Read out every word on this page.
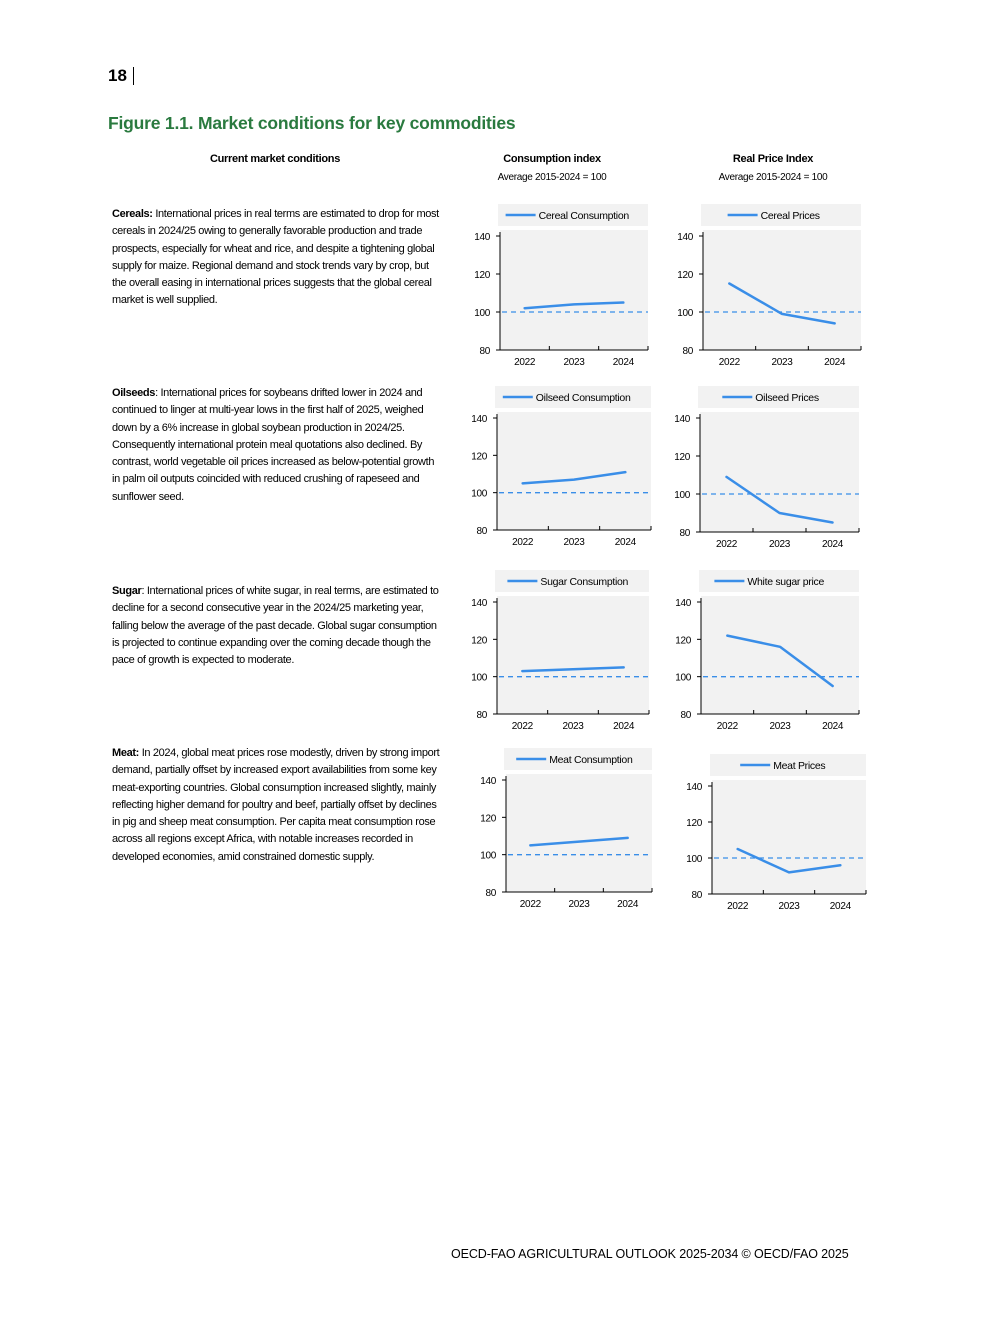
18
Figure 1.1. Market conditions for key commodities
Current market conditions	Consumption index
Average 2015-2024 = 100
Real Price Index
Average 2015-2024 = 100
Cereals: International prices in real terms are estimated to drop for most cereals in 2024/25 owing to generally favorable production and trade prospects, especially for wheat and rice, and despite a tightening global supply for maize. Regional demand and stock trends vary by crop, but the overall easing in international prices suggests that the global cereal market is well supplied.
Oilseeds: International prices for soybeans drifted lower in 2024 and continued to linger at multi-year lows in the first half of 2025, weighed down by a 6% increase in global soybean production in 2024/25. Consequently international protein meal quotations also declined. By contrast, world vegetable oil prices increased as below-potential growth in palm oil outputs coincided with reduced crushing of rapeseed and sunflower seed.
Sugar: International prices of white sugar, in real terms, are estimated to decline for a second consecutive year in the 2024/25 marketing year, falling below the average of the past decade. Global sugar consumption is projected to continue expanding over the coming decade though the pace of growth is expected to moderate.
Meat: In 2024, global meat prices rose modestly, driven by strong import demand, partially offset by increased export availabilities from some key meat-exporting countries. Global consumption increased slightly, mainly reflecting higher demand for poultry and beef, partially offset by declines in pig and sheep meat consumption. Per capita meat consumption rose across all regions except Africa, with notable increases recorded in developed economies, amid constrained domestic supply.
Cereal Consumption
80
100
120
140
2022	2023	2024
Cereal Prices
80
100
120
140
2022	2023	2024
Oilseed Consumption
80
100
120
140
2022	2023	2024
Oilseed Prices
80
100
120
140
2022	2023	2024
Sugar Consumption
80
100
120
140
2022	2023	2024
White sugar price
80
100
120
140
2022	2023	2024
Meat Consumption
80
100
120
140
2022	2023	2024
Meat Prices
80
100
120
140
2022	2023	2024
OECD-FAO AGRICULTURAL OUTLOOK 2025-2034 © OECD/FAO 2025
